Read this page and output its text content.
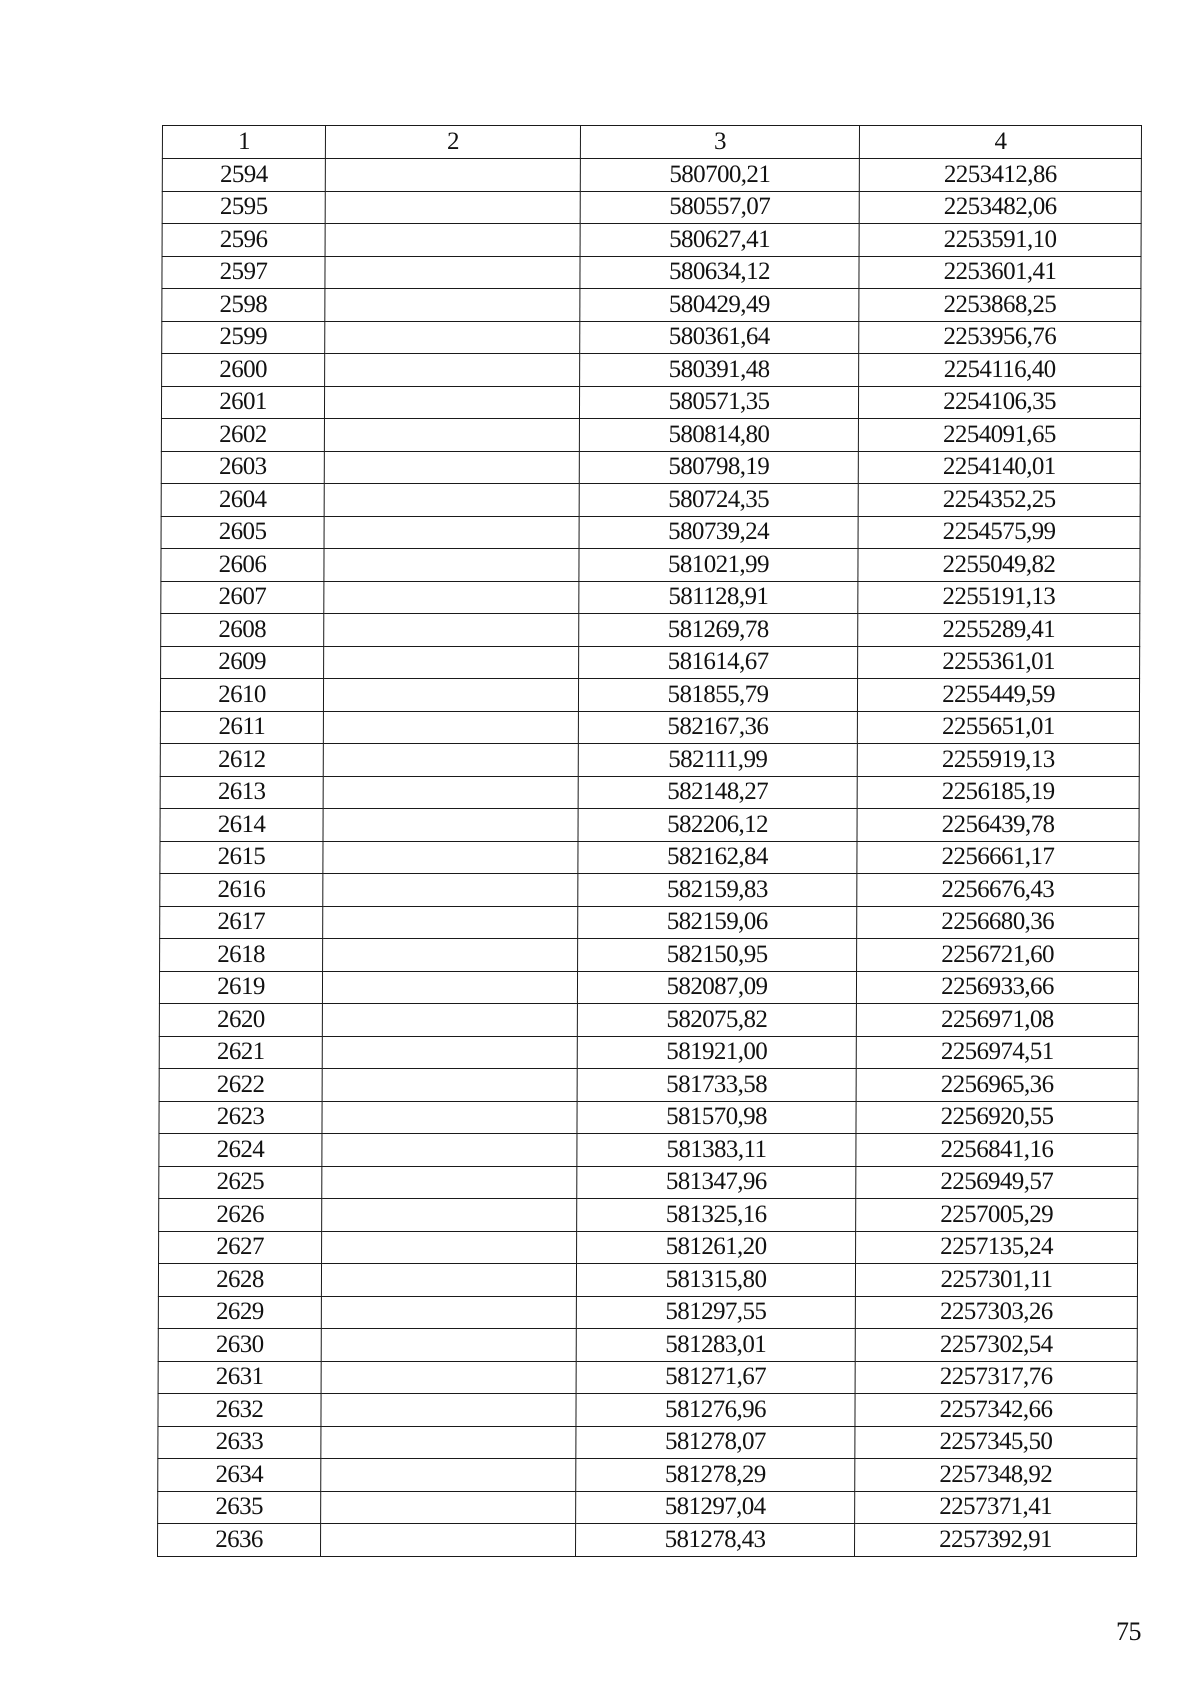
1	2	3	4
2594		580700,21	2253412,86
2595		580557,07	2253482,06
2596		580627,41	2253591,10
2597		580634,12	2253601,41
2598		580429,49	2253868,25
2599		580361,64	2253956,76
2600		580391,48	2254116,40
2601		580571,35	2254106,35
2602		580814,80	2254091,65
2603		580798,19	2254140,01
2604		580724,35	2254352,25
2605		580739,24	2254575,99
2606		581021,99	2255049,82
2607		581128,91	2255191,13
2608		581269,78	2255289,41
2609		581614,67	2255361,01
2610		581855,79	2255449,59
2611		582167,36	2255651,01
2612		582111,99	2255919,13
2613		582148,27	2256185,19
2614		582206,12	2256439,78
2615		582162,84	2256661,17
2616		582159,83	2256676,43
2617		582159,06	2256680,36
2618		582150,95	2256721,60
2619		582087,09	2256933,66
2620		582075,82	2256971,08
2621		581921,00	2256974,51
2622		581733,58	2256965,36
2623		581570,98	2256920,55
2624		581383,11	2256841,16
2625		581347,96	2256949,57
2626		581325,16	2257005,29
2627		581261,20	2257135,24
2628		581315,80	2257301,11
2629		581297,55	2257303,26
2630		581283,01	2257302,54
2631		581271,67	2257317,76
2632		581276,96	2257342,66
2633		581278,07	2257345,50
2634		581278,29	2257348,92
2635		581297,04	2257371,41
2636		581278,43	2257392,91
75
